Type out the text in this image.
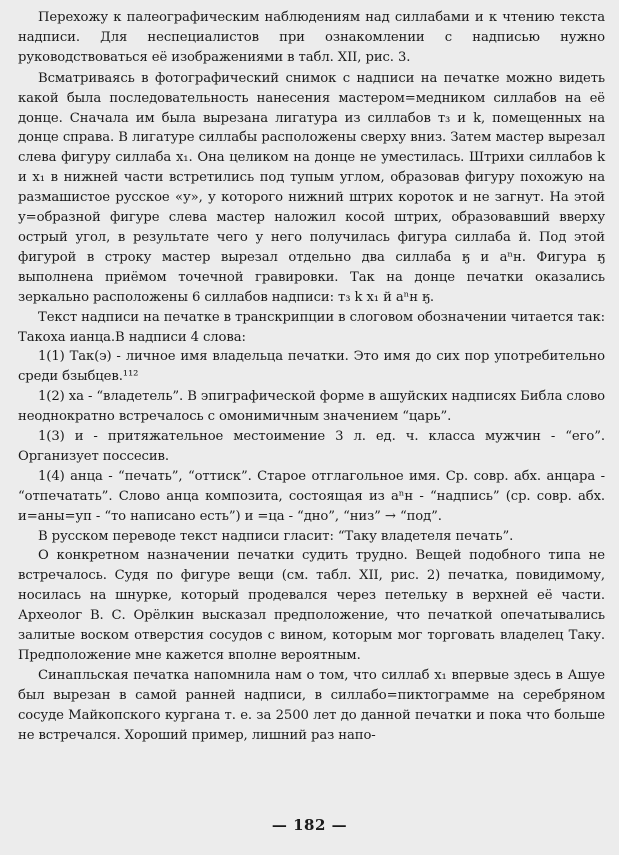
Перехожу к палеографическим наблюдениям над силлабами и к чтению текста надписи. Для неспециалистов при ознакомлении с надписью нужно руководствоваться её изображениями в табл. XII, рис. 3.

Всматриваясь в фотографический снимок с надписи на печатке можно видеть какой была последовательность нанесения мастером=медником силлабов на её донце. Сначала им была вырезана лигатура из силлабов т₃ и k, помещенных на донце справа. В лигатуре силлабы расположены сверху вниз. Затем мастер вырезал слева фигуру силлаба х₁. Она целиком на донце не уместилась. Штрихи силлабов k и х₁ в нижней части встретились под тупым углом, образовав фигуру похожую на размашистое русское «у», у которого нижний штрих короток и не загнут. На этой у=образной фигуре слева мастер наложил косой штрих, образовавший вверху острый угол, в результате чего у него получилась фигура силлаба й. Под этой фигурой в строку мастер вырезал отдельно два силлаба ӄ и аⁿн. Фигура ӄ выполнена приёмом точечной гравировки. Так на донце печатки оказались зеркально расположены 6 силлабов надписи: т₃ k х₁ й аⁿн ӄ.

Текст надписи на печатке в транскрипции в слоговом обозначении читается так: Такоха ианца.В надписи 4 слова:

1(1) Так(э) - личное имя владельца печатки. Это имя до сих пор употребительно среди бзыбцев.¹¹²

1(2) ха - “владетель”. В эпиграфической форме в ашуйских надписях Библа слово неоднократно встречалось с омонимичным значением “царь”.

1(3) и - притяжательное местоимение 3 л. ед. ч. класса мужчин - “его”. Организует поссесив.

1(4) анца - “печать”, “оттиск”. Старое отглагольное имя. Ср. совр. абх. анцара - “отпечатать”. Слово анца композита, состоящая из аⁿн - “надпись” (ср. совр. абх. и=аны=уп - “то написано есть”) и =ца - “дно”, “низ” → “под”.

В русском переводе текст надписи гласит: “Таку владетеля печать”.

О конкретном назначении печатки судить трудно. Вещей подобного типа не встречалось. Судя по фигуре вещи (см. табл. XII, рис. 2) печатка, повидимому, носилась на шнурке, который продевался через петельку в верхней её части. Археолог В. С. Орёлкин высказал предположение, что печаткой опечатывались залитые воском отверстия сосудов с вином, которым мог торговать владелец Таку. Предположение мне кажется вполне вероятным.

Синапльская печатка напомнила нам о том, что силлаб х₁ впервые здесь в Ашуе был вырезан в самой ранней надписи, в силлабо=пиктограмме на серебряном сосуде Майкопского кургана т. е. за 2500 лет до данной печатки и пока что больше не встречался. Хороший пример, лишний раз напо-

— 182 —
